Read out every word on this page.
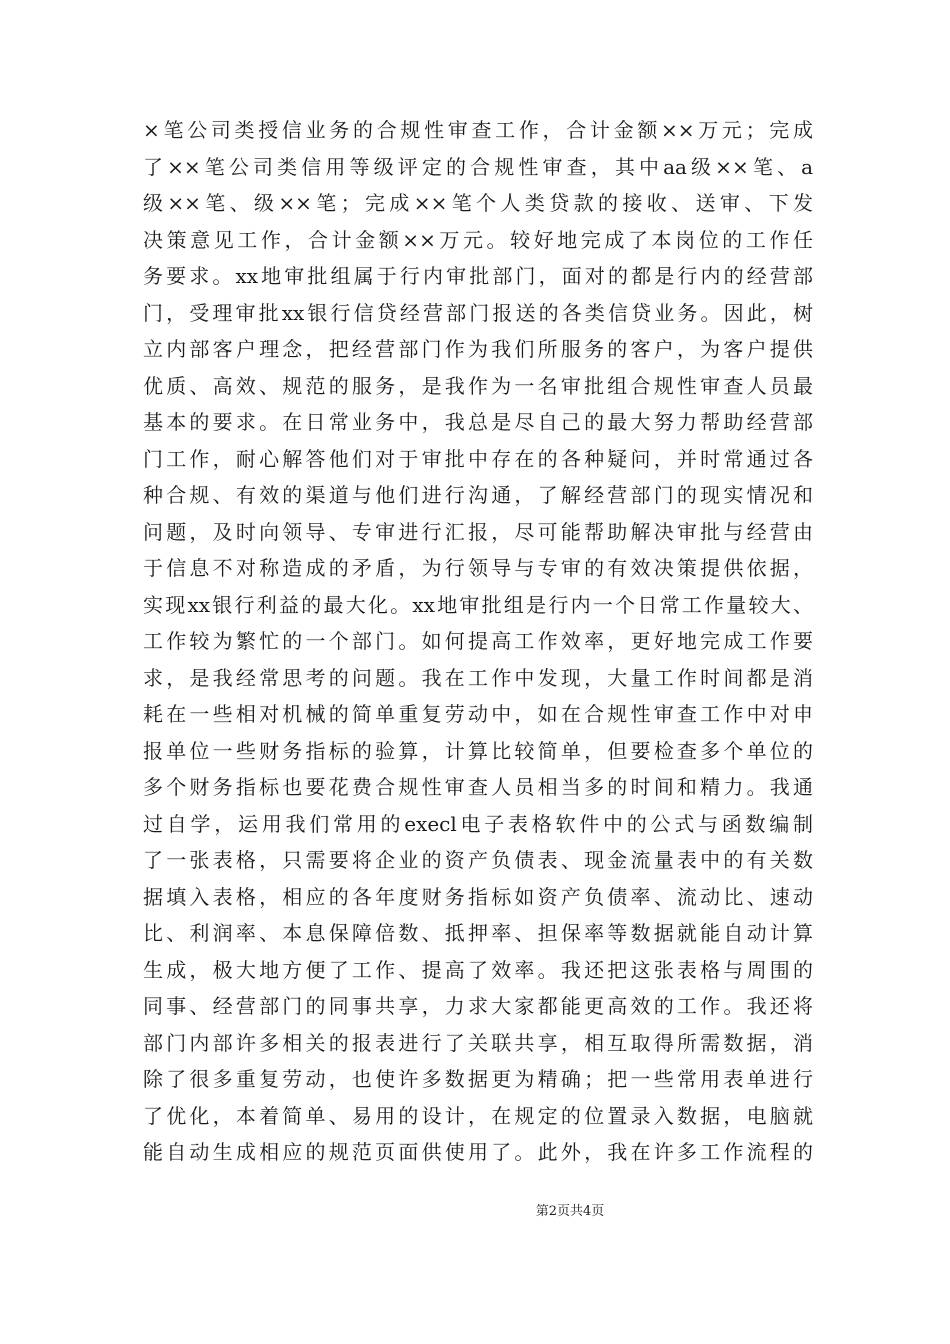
×笔公司类授信业务的合规性审查工作，合计金额××万元；完成
了××笔公司类信用等级评定的合规性审查，其中aa级××笔、a
级××笔、级××笔；完成××笔个人类贷款的接收、送审、下发
决策意见工作，合计金额××万元。较好地完成了本岗位的工作任
务要求。xx地审批组属于行内审批部门，面对的都是行内的经营部
门，受理审批xx银行信贷经营部门报送的各类信贷业务。因此，树
立内部客户理念，把经营部门作为我们所服务的客户，为客户提供
优质、高效、规范的服务，是我作为一名审批组合规性审查人员最
基本的要求。在日常业务中，我总是尽自己的最大努力帮助经营部
门工作，耐心解答他们对于审批中存在的各种疑问，并时常通过各
种合规、有效的渠道与他们进行沟通，了解经营部门的现实情况和
问题，及时向领导、专审进行汇报，尽可能帮助解决审批与经营由
于信息不对称造成的矛盾，为行领导与专审的有效决策提供依据，
实现xx银行利益的最大化。xx地审批组是行内一个日常工作量较大、
工作较为繁忙的一个部门。如何提高工作效率，更好地完成工作要
求，是我经常思考的问题。我在工作中发现，大量工作时间都是消
耗在一些相对机械的简单重复劳动中，如在合规性审查工作中对申
报单位一些财务指标的验算，计算比较简单，但要检查多个单位的
多个财务指标也要花费合规性审查人员相当多的时间和精力。我通
过自学，运用我们常用的execl电子表格软件中的公式与函数编制
了一张表格，只需要将企业的资产负债表、现金流量表中的有关数
据填入表格，相应的各年度财务指标如资产负债率、流动比、速动
比、利润率、本息保障倍数、抵押率、担保率等数据就能自动计算
生成，极大地方便了工作、提高了效率。我还把这张表格与周围的
同事、经营部门的同事共享，力求大家都能更高效的工作。我还将
部门内部许多相关的报表进行了关联共享，相互取得所需数据，消
除了很多重复劳动，也使许多数据更为精确；把一些常用表单进行
了优化，本着简单、易用的设计，在规定的位置录入数据，电脑就
能自动生成相应的规范页面供使用了。此外，我在许多工作流程的
第2页共4页
